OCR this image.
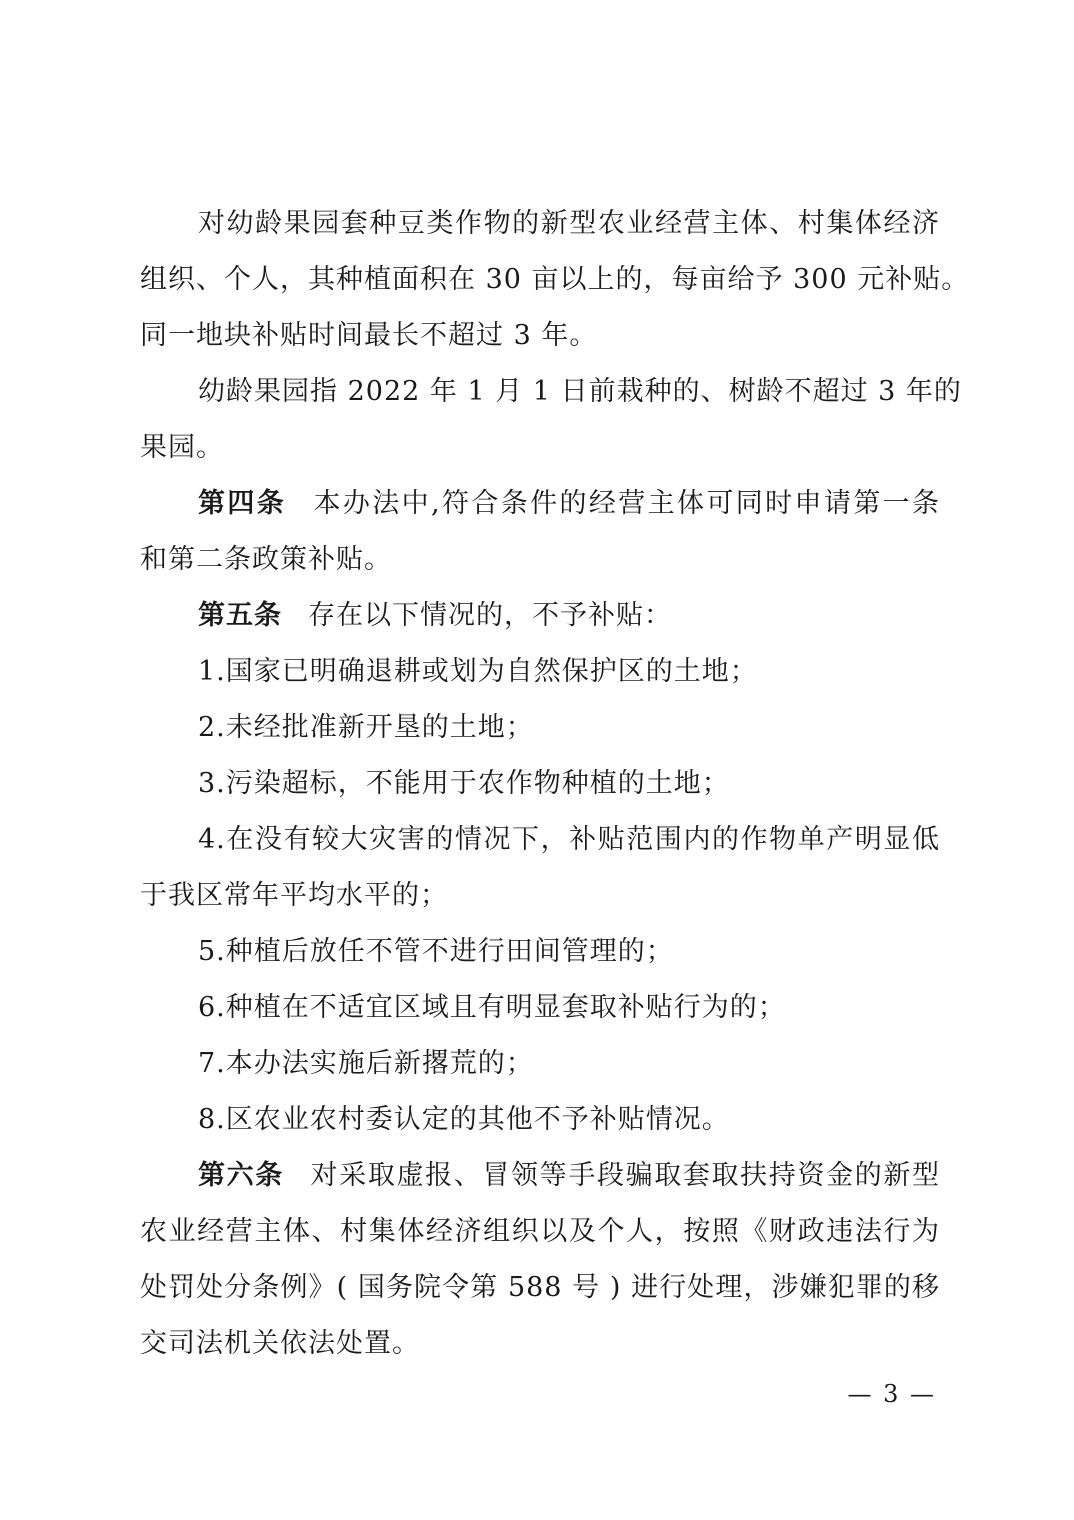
对幼龄果园套种豆类作物的新型农业经营主体、村集体经济
组织、个人，其种植面积在 30 亩以上的，每亩给予 300 元补贴。
同一地块补贴时间最长不超过 3 年。
幼龄果园指 2022 年 1 月 1 日前栽种的、树龄不超过 3 年的
果园。
第四条 本办法中,符合条件的经营主体可同时申请第一条
和第二条政策补贴。
第五条 存在以下情况的，不予补贴：
1.国家已明确退耕或划为自然保护区的土地；
2.未经批准新开垦的土地；
3.污染超标，不能用于农作物种植的土地；
4.在没有较大灾害的情况下，补贴范围内的作物单产明显低
于我区常年平均水平的；
5.种植后放任不管不进行田间管理的；
6.种植在不适宜区域且有明显套取补贴行为的；
7.本办法实施后新撂荒的；
8.区农业农村委认定的其他不予补贴情况。
第六条 对采取虚报、冒领等手段骗取套取扶持资金的新型
农业经营主体、村集体经济组织以及个人，按照《财政违法行为
处罚处分条例》( 国务院令第 588 号 ) 进行处理，涉嫌犯罪的移
交司法机关依法处置。
— 3 —
